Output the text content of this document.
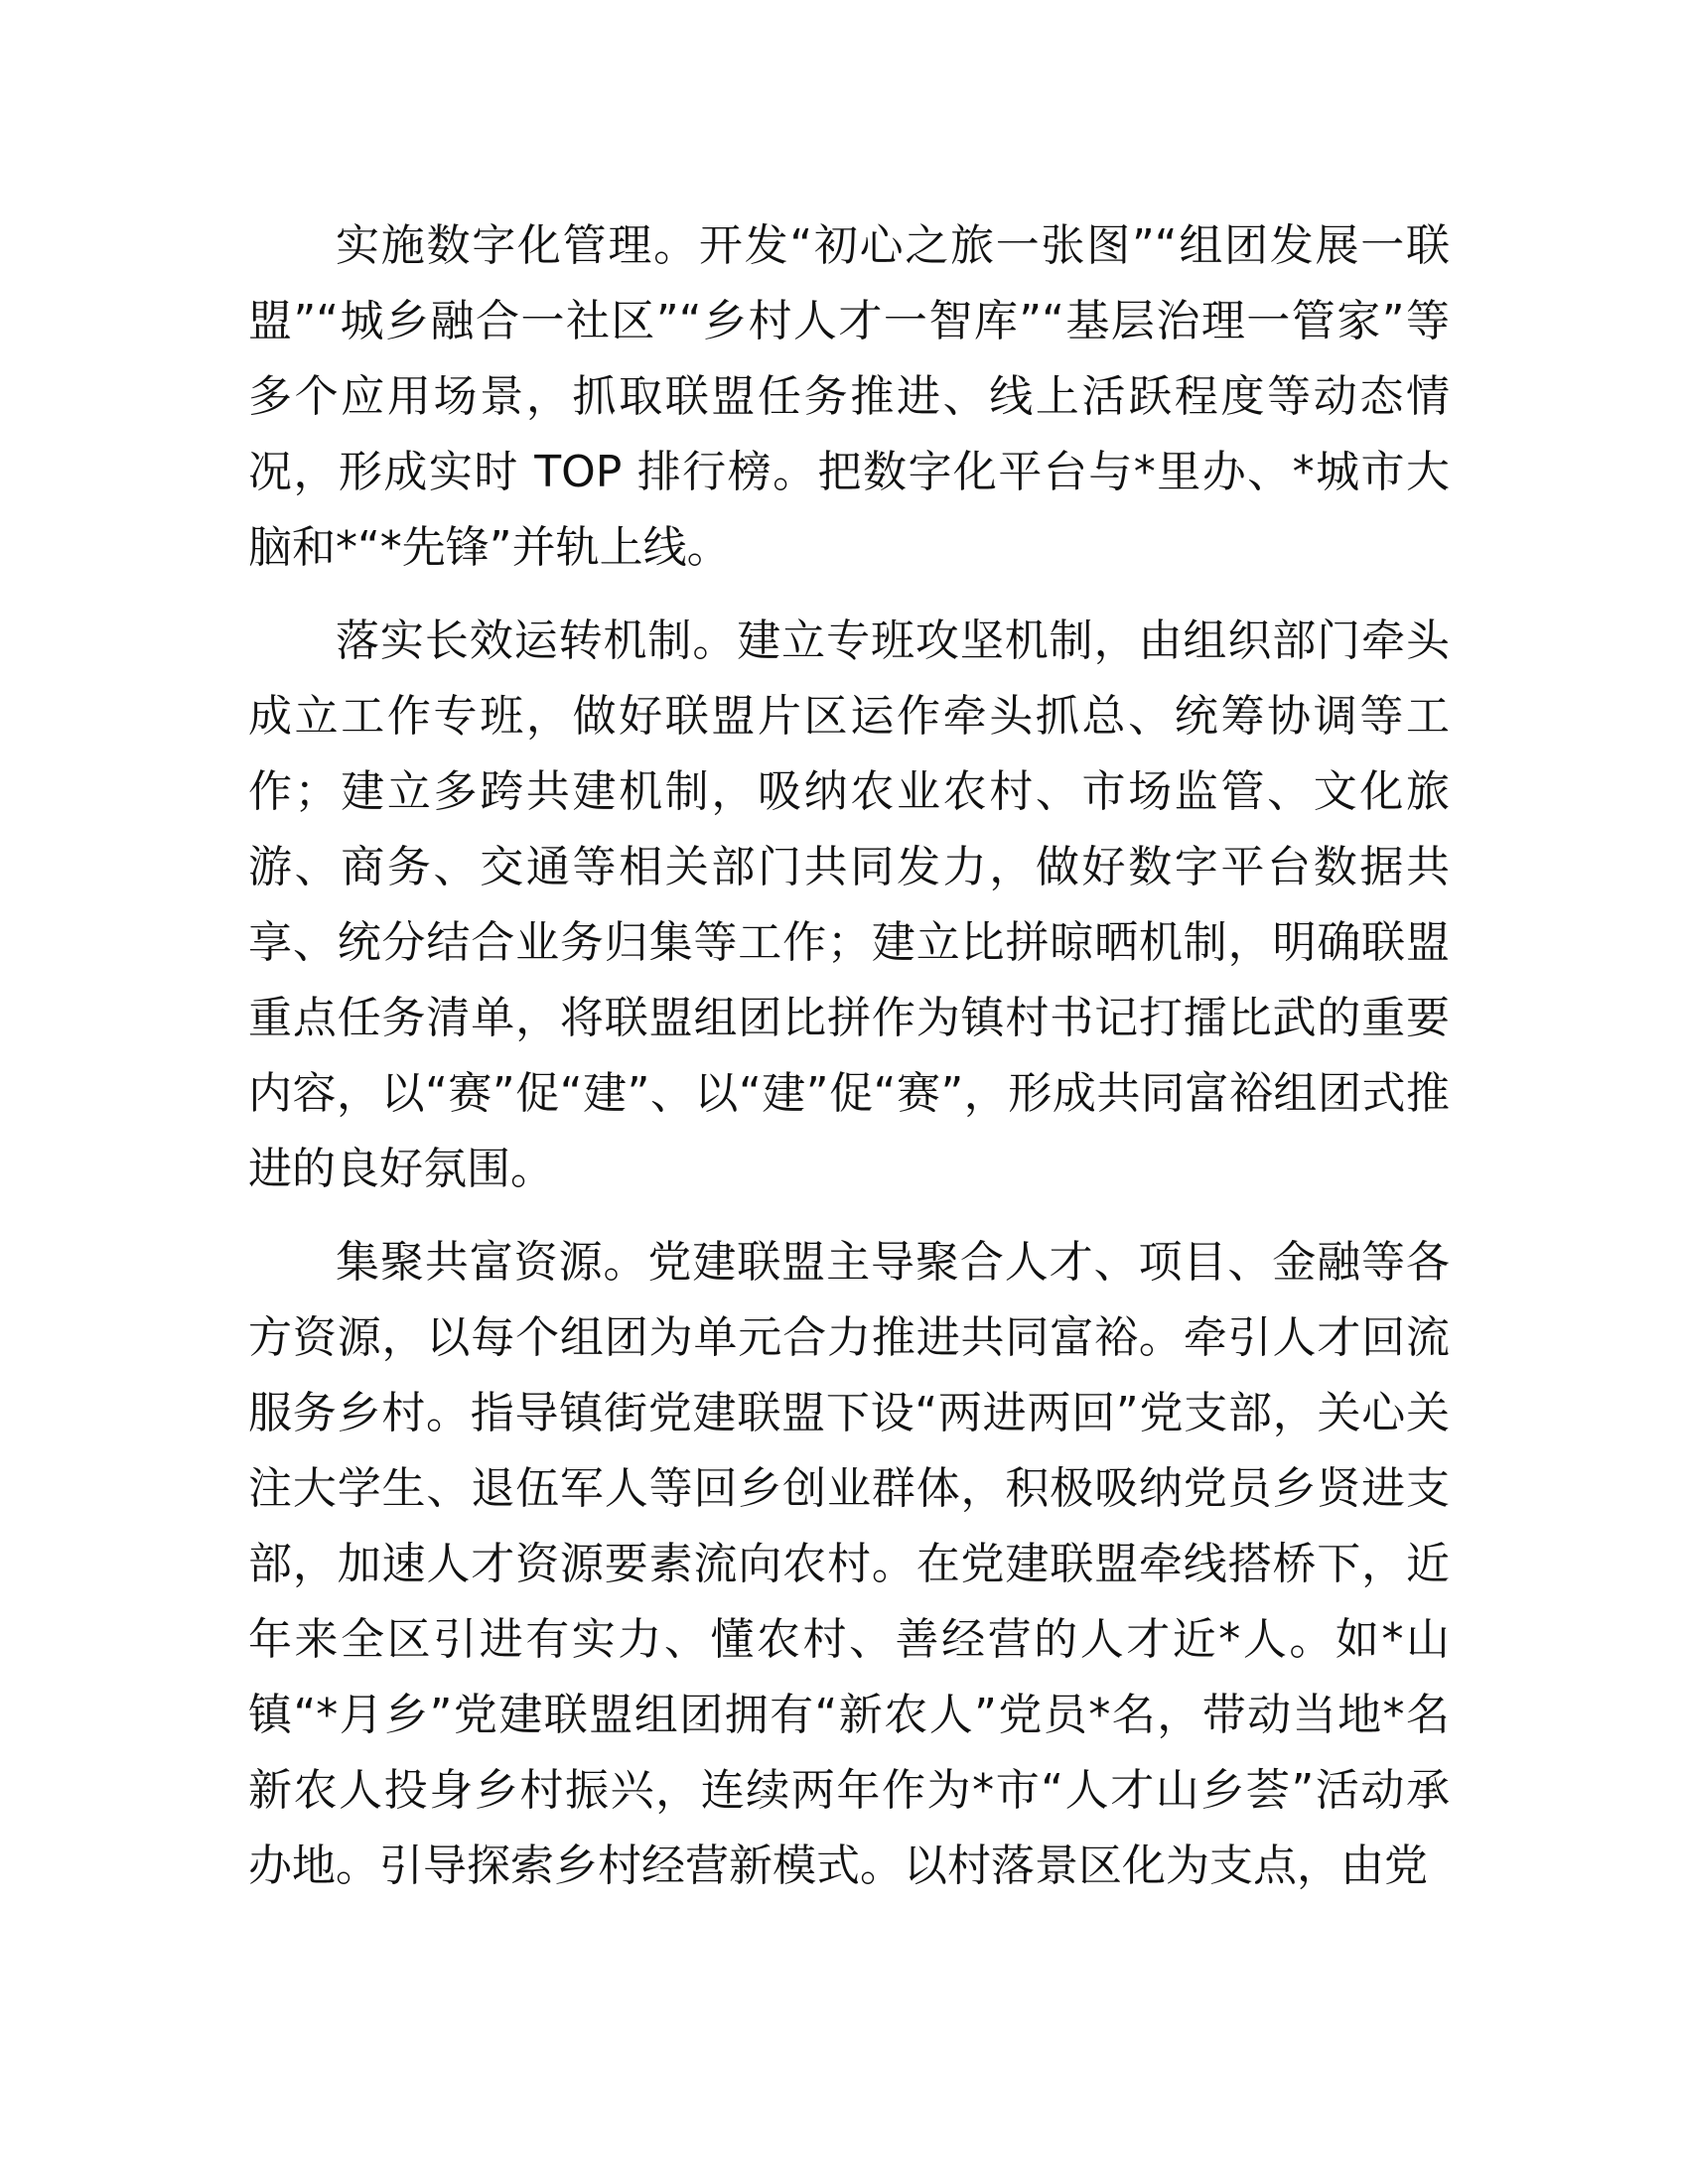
实施数字化管理。开发“初心之旅一张图”“组团发展一联盟”“城乡融合一社区”“乡村人才一智库”“基层治理一管家”等多个应用场景，抓取联盟任务推进、线上活跃程度等动态情况，形成实时 TOP 排行榜。把数字化平台与*里办、*城市大脑和*“*先锋”并轨上线。

落实长效运转机制。建立专班攻坚机制，由组织部门牵头成立工作专班，做好联盟片区运作牵头抓总、统筹协调等工作；建立多跨共建机制，吸纳农业农村、市场监管、文化旅游、商务、交通等相关部门共同发力，做好数字平台数据共享、统分结合业务归集等工作；建立比拼晾晒机制，明确联盟重点任务清单，将联盟组团比拼作为镇村书记打擂比武的重要内容，以“赛”促“建”、以“建”促“赛”，形成共同富裕组团式推进的良好氛围。

集聚共富资源。党建联盟主导聚合人才、项目、金融等各方资源，以每个组团为单元合力推进共同富裕。牵引人才回流服务乡村。指导镇街党建联盟下设“两进两回”党支部，关心关注大学生、退伍军人等回乡创业群体，积极吸纳党员乡贤进支部，加速人才资源要素流向农村。在党建联盟牵线搭桥下，近年来全区引进有实力、懂农村、善经营的人才近*人。如*山镇“*月乡”党建联盟组团拥有“新农人”党员*名，带动当地*名新农人投身乡村振兴，连续两年作为*市“人才山乡荟”活动承办地。引导探索乡村经营新模式。以村落景区化为支点，由党
